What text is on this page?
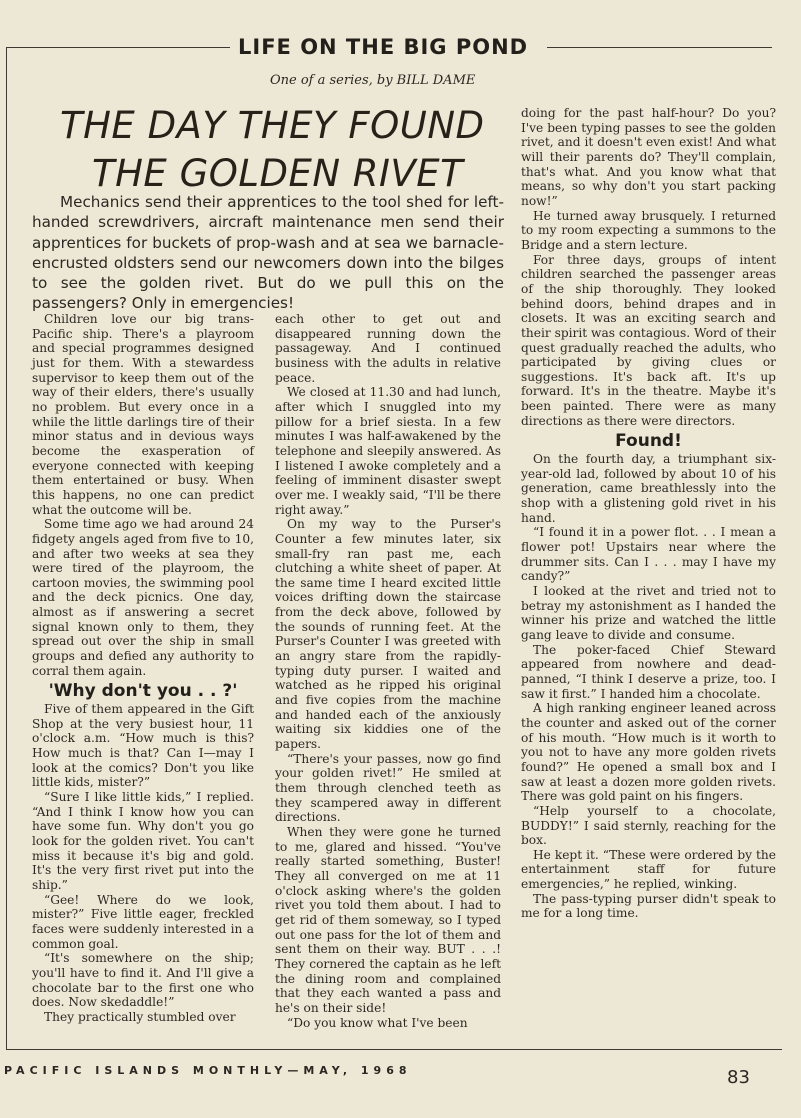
LIFE ON THE BIG POND
One of a series, by BILL DAME
THE DAY THEY FOUND
THE GOLDEN RIVET
Mechanics send their apprentices to the tool shed for left-handed screwdrivers, aircraft maintenance men send their apprentices for buckets of prop-wash and at sea we barnacle-encrusted oldsters send our newcomers down into the bilges to see the golden rivet. But do we pull this on the passengers? Only in emergencies!

Children love our big trans-Pacific ship. There's a playroom and special programmes designed just for them. With a stewardess supervisor to keep them out of the way of their elders, there's usually no problem. But every once in a while the little darlings tire of their minor status and in devious ways become the exasperation of everyone connected with keeping them entertained or busy. When this happens, no one can predict what the outcome will be.

Some time ago we had around 24 fidgety angels aged from five to 10, and after two weeks at sea they were tired of the playroom, the cartoon movies, the swimming pool and the deck picnics. One day, almost as if answering a secret signal known only to them, they spread out over the ship in small groups and defied any authority to corral them again.

'Why don't you . . ?'

Five of them appeared in the Gift Shop at the very busiest hour, 11 o'clock a.m. “How much is this? How much is that? Can I—may I look at the comics? Don't you like little kids, mister?”

“Sure I like little kids,” I replied. “And I think I know how you can have some fun. Why don't you go look for the golden rivet. You can't miss it because it's big and gold. It's the very first rivet put into the ship.”

“Gee! Where do we look, mister?” Five little eager, freckled faces were suddenly interested in a common goal.

“It's somewhere on the ship; you'll have to find it. And I'll give a chocolate bar to the first one who does. Now skedaddle!”

They practically stumbled over

each other to get out and disappeared running down the passageway. And I continued business with the adults in relative peace.

We closed at 11.30 and had lunch, after which I snuggled into my pillow for a brief siesta. In a few minutes I was half-awakened by the telephone and sleepily answered. As I listened I awoke completely and a feeling of imminent disaster swept over me. I weakly said, “I'll be there right away.”

On my way to the Purser's Counter a few minutes later, six small-fry ran past me, each clutching a white sheet of paper. At the same time I heard excited little voices drifting down the staircase from the deck above, followed by the sounds of running feet. At the Purser's Counter I was greeted with an angry stare from the rapidly-typing duty purser. I waited and watched as he ripped his original and five copies from the machine and handed each of the anxiously waiting six kiddies one of the papers.

“There's your passes, now go find your golden rivet!” He smiled at them through clenched teeth as they scampered away in different directions.

When they were gone he turned to me, glared and hissed. “You've really started something, Buster! They all converged on me at 11 o'clock asking where's the golden rivet you told them about. I had to get rid of them someway, so I typed out one pass for the lot of them and sent them on their way. BUT . . .! They cornered the captain as he left the dining room and complained that they each wanted a pass and he's on their side!

“Do you know what I've been

doing for the past half-hour? Do you? I've been typing passes to see the golden rivet, and it doesn't even exist! And what will their parents do? They'll complain, that's what. And you know what that means, so why don't you start packing now!”

He turned away brusquely. I returned to my room expecting a summons to the Bridge and a stern lecture.

For three days, groups of intent children searched the passenger areas of the ship thoroughly. They looked behind doors, behind drapes and in closets. It was an exciting search and their spirit was contagious. Word of their quest gradually reached the adults, who participated by giving clues or suggestions. It's back aft. It's up forward. It's in the theatre. Maybe it's been painted. There were as many directions as there were directors.

Found!

On the fourth day, a triumphant six-year-old lad, followed by about 10 of his generation, came breathlessly into the shop with a glistening gold rivet in his hand.

“I found it in a power flot. . . I mean a flower pot! Upstairs near where the drummer sits. Can I . . . may I have my candy?”

I looked at the rivet and tried not to betray my astonishment as I handed the winner his prize and watched the little gang leave to divide and consume.

The poker-faced Chief Steward appeared from nowhere and dead-panned, “I think I deserve a prize, too. I saw it first.” I handed him a chocolate.

A high ranking engineer leaned across the counter and asked out of the corner of his mouth. “How much is it worth to you not to have any more golden rivets found?” He opened a small box and I saw at least a dozen more golden rivets. There was gold paint on his fingers.

“Help yourself to a chocolate, BUDDY!” I said sternly, reaching for the box.

He kept it. “These were ordered by the entertainment staff for future emergencies,” he replied, winking.

The pass-typing purser didn't speak to me for a long time.

PACIFIC ISLANDS MONTHLY—MAY, 1968	83
